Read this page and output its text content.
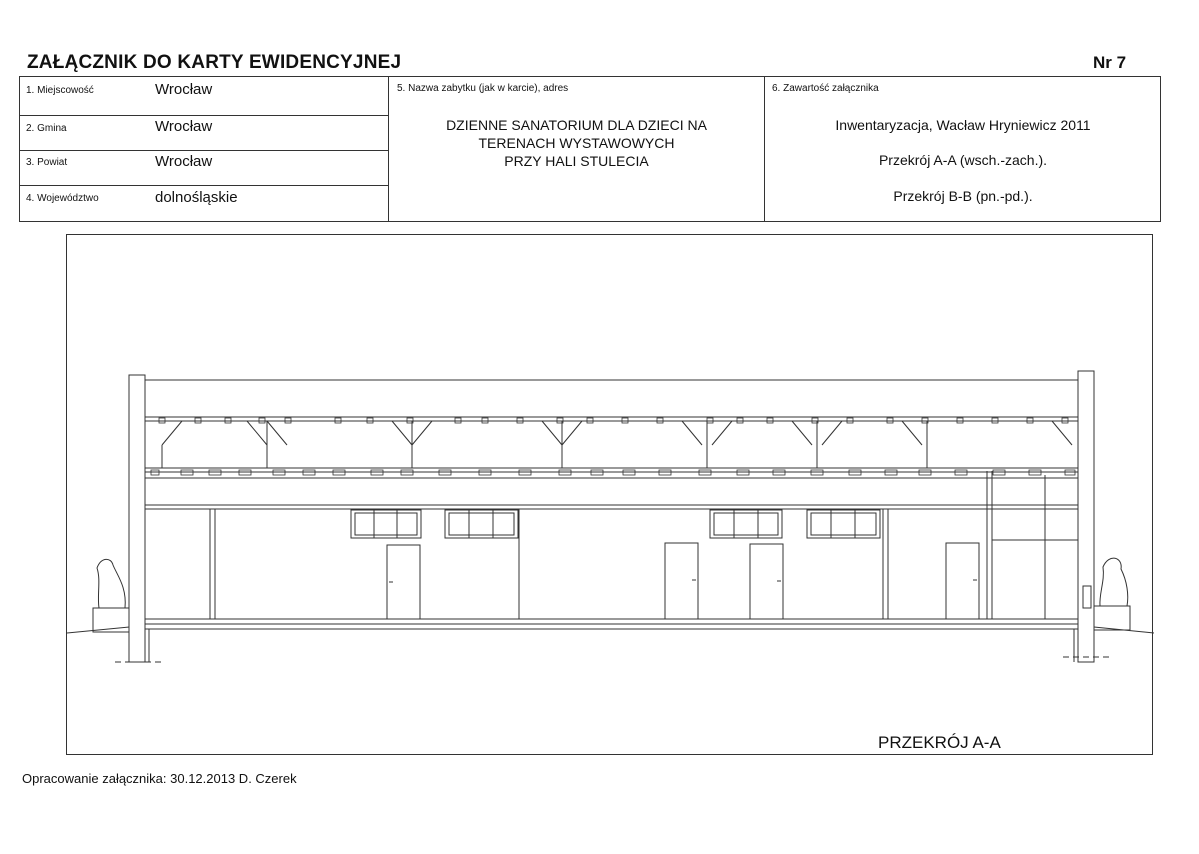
ZAŁĄCZNIK DO KARTY EWIDENCYJNEJ	Nr 7
1. Miejscowość	Wrocław
2. Gmina	Wrocław
3. Powiat	Wrocław
4. Województwo	dolnośląskie
5. Nazwa zabytku (jak w karcie), adres
DZIENNE SANATORIUM DLA DZIECI NA
TERENACH WYSTAWOWYCH
PRZY HALI STULECIA
6. Zawartość załącznika
Inwentaryzacja, Wacław Hryniewicz 2011
Przekrój A-A (wsch.-zach.).
Przekrój B-B (pn.-pd.).
PRZEKRÓJ A-A
Opracowanie załącznika: 30.12.2013 D. Czerek
